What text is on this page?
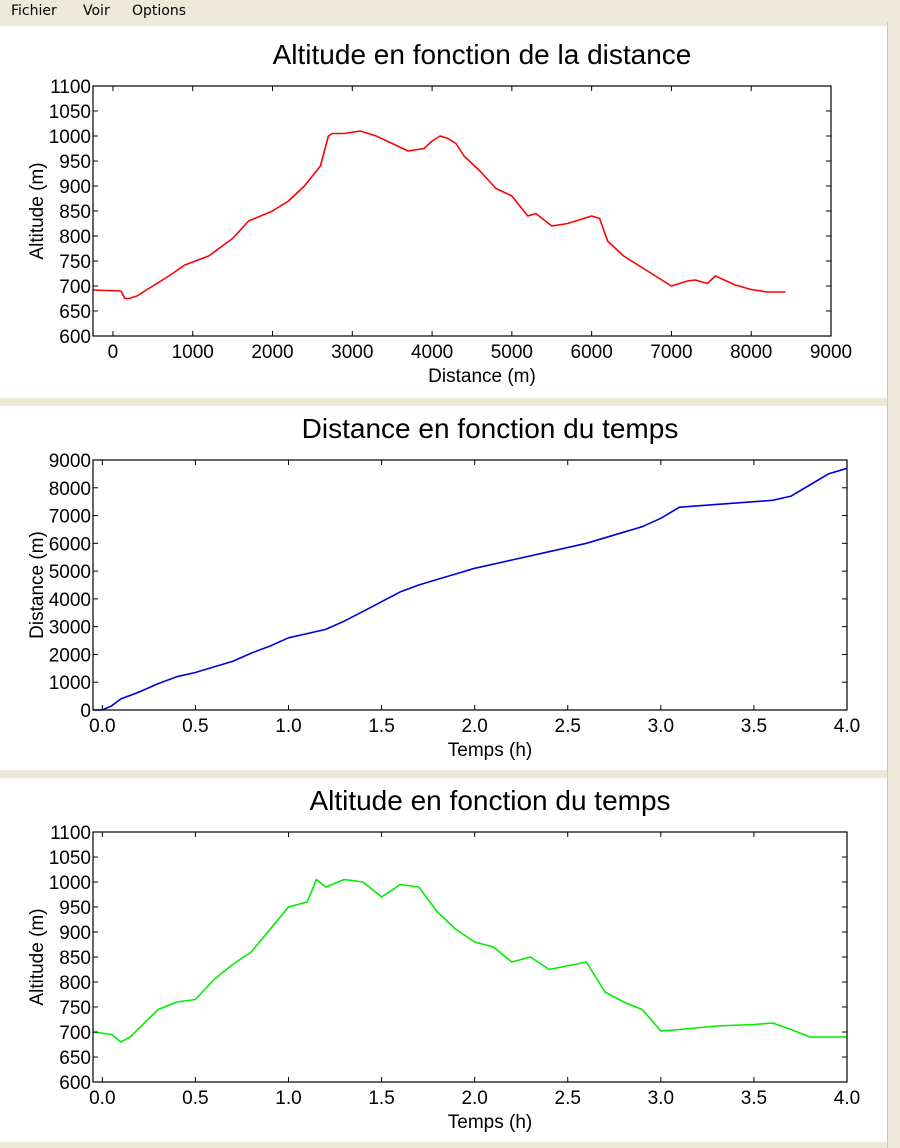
Fichier Voir Options
Altitude en fonction de la distance
0	1000 2000 3000 4000 5000 6000 7000 8000 9000
600
650
700
750
800
850
900
950
1000
1050
1100
Distance (m)
Altitude (m)
Distance en fonction du temps
0.0	0.5	1.0	1.5	2.0	2.5	3.0	3.5	4.0
0
1000
2000
3000
4000
5000
6000
7000
8000
9000
Temps (h)
Distance (m)
Altitude en fonction du temps
0.0	0.5	1.0	1.5	2.0	2.5	3.0	3.5	4.0
600
650
700
750
800
850
900
950
1000
1050
1100
Temps (h)
Altitude (m)
